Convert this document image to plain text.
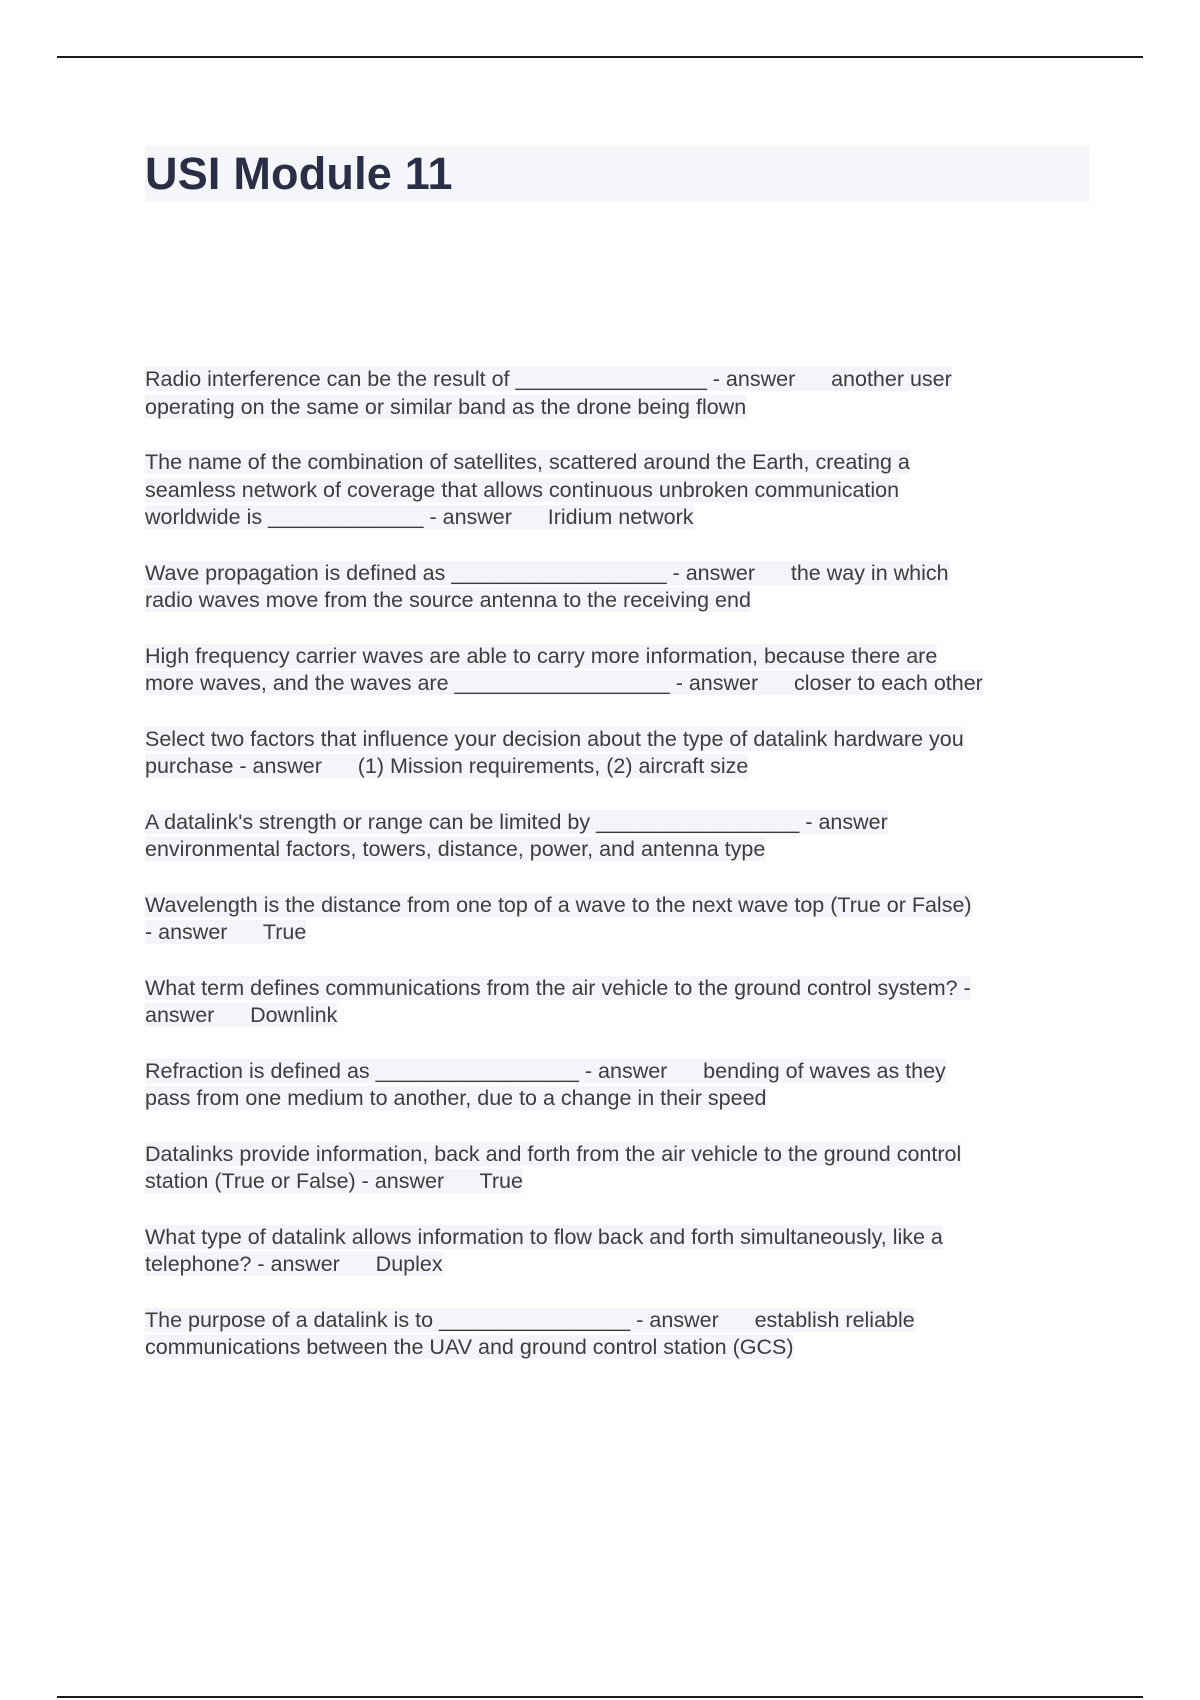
USI Module 11
Radio interference can be the result of ________________ - answer      another user
operating on the same or similar band as the drone being flown
The name of the combination of satellites, scattered around the Earth, creating a
seamless network of coverage that allows continuous unbroken communication
worldwide is _____________ - answer      Iridium network
Wave propagation is defined as __________________ - answer      the way in which
radio waves move from the source antenna to the receiving end
High frequency carrier waves are able to carry more information, because there are
more waves, and the waves are __________________ - answer      closer to each other
Select two factors that influence your decision about the type of datalink hardware you
purchase - answer      (1) Mission requirements, (2) aircraft size
A datalink's strength or range can be limited by _________________ - answer
environmental factors, towers, distance, power, and antenna type
Wavelength is the distance from one top of a wave to the next wave top (True or False)
- answer      True
What term defines communications from the air vehicle to the ground control system? -
answer      Downlink
Refraction is defined as _________________ - answer      bending of waves as they
pass from one medium to another, due to a change in their speed
Datalinks provide information, back and forth from the air vehicle to the ground control
station (True or False) - answer      True
What type of datalink allows information to flow back and forth simultaneously, like a
telephone? - answer      Duplex
The purpose of a datalink is to ________________ - answer      establish reliable
communications between the UAV and ground control station (GCS)
